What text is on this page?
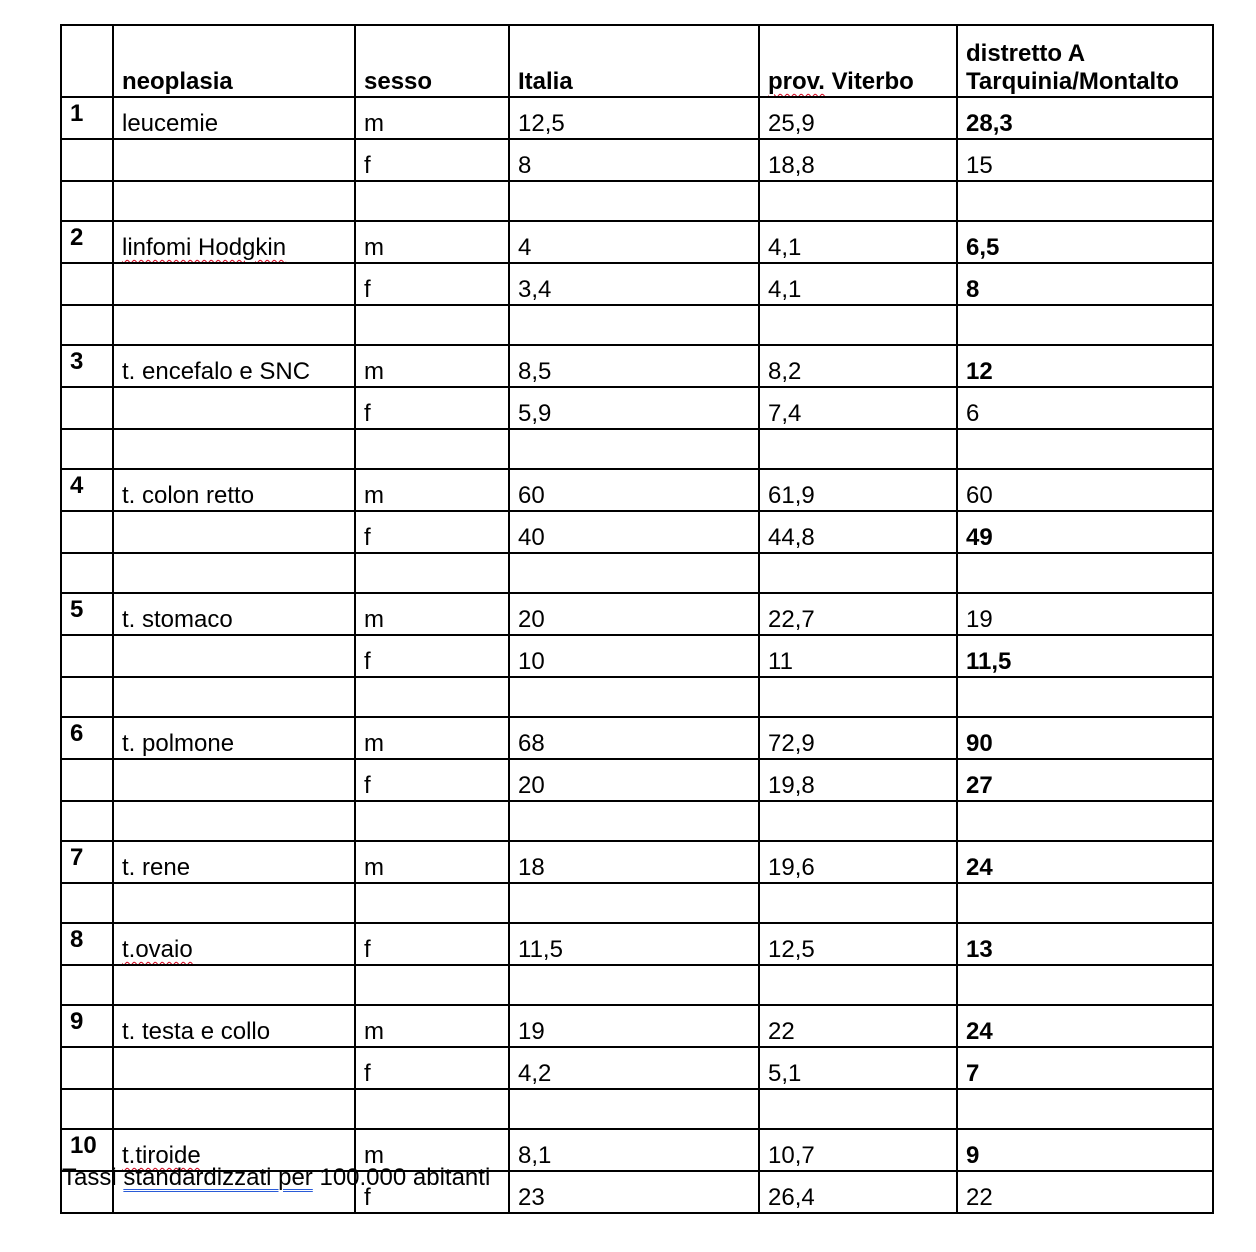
	neoplasia	sesso	Italia	prov. Viterbo	distretto A
Tarquinia/Montalto
1	leucemie	m	12,5	25,9	28,3
		f	8	18,8	15

2	linfomi Hodgkin	m	4	4,1	6,5
		f	3,4	4,1	8

3	t. encefalo e SNC	m	8,5	8,2	12
		f	5,9	7,4	6

4	t. colon retto	m	60	61,9	60
		f	40	44,8	49

5	t. stomaco	m	20	22,7	19
		f	10	11	11,5

6	t. polmone	m	68	72,9	90
		f	20	19,8	27

7	t. rene	m	18	19,6	24

8	t.ovaio	f	11,5	12,5	13

9	t. testa e collo	m	19	22	24
		f	4,2	5,1	7

10	t.tiroide	m	8,1	10,7	9
		f	23	26,4	22

Tassi standardizzati per 100.000 abitanti
